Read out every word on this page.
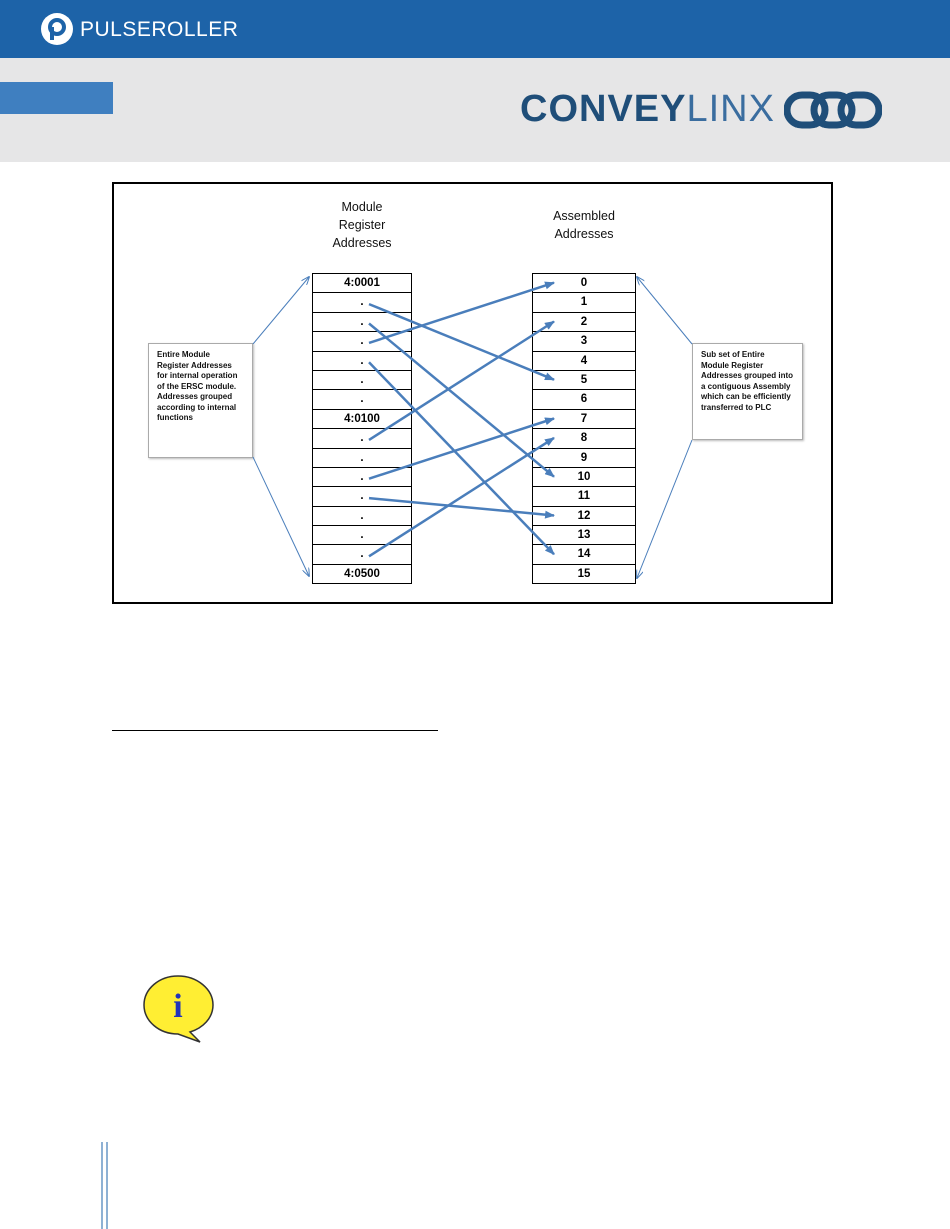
PULSEROLLER
CONVEYLINX
Module
Register
Addresses
Assembled
Addresses
4:0001
.
.
.
.
.
.
4:0100
.
.
.
.
.
.
.
4:0500
0
1
2
3
4
5
6
7
8
9
10
11
12
13
14
15
Entire Module Register Addresses for internal operation of the ERSC module. Addresses grouped according to internal functions
Sub set of Entire Module Register Addresses grouped into a contiguous Assembly which can be efficiently transferred to PLC
i
